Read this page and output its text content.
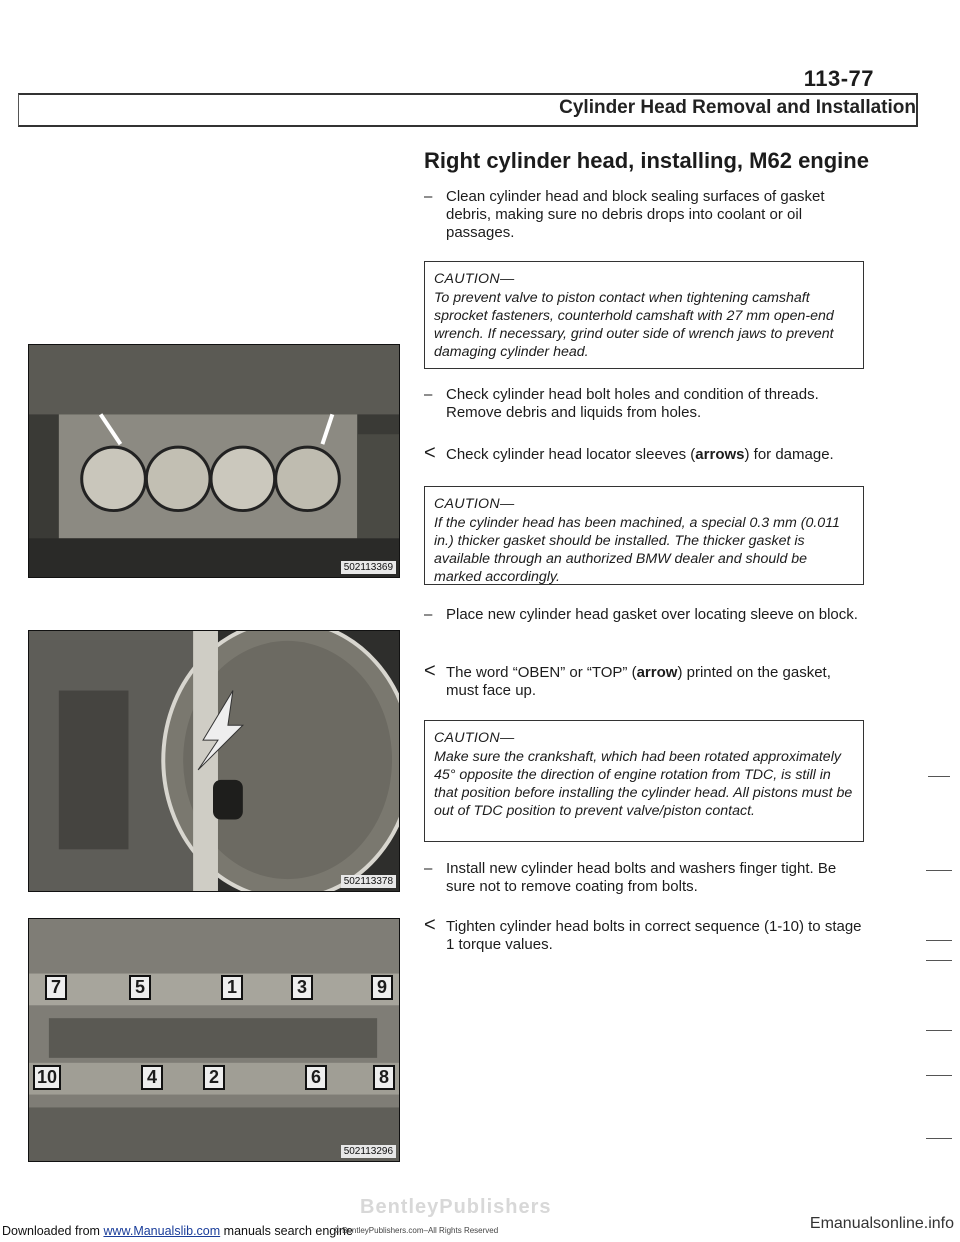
113-77
Cylinder Head Removal and Installation
Right cylinder head, installing, M62 engine
– Clean cylinder head and block sealing surfaces of gasket debris, making sure no debris drops into coolant or oil passages.
CAUTION—
To prevent valve to piston contact when tightening camshaft sprocket fasteners, counterhold camshaft with 27 mm open-end wrench. If necessary, grind outer side of wrench jaws to prevent damaging cylinder head.
– Check cylinder head bolt holes and condition of threads. Remove debris and liquids from holes.
< Check cylinder head locator sleeves (arrows) for damage.
CAUTION—
If the cylinder head has been machined, a special 0.3 mm (0.011 in.) thicker gasket should be installed. The thicker gasket is available through an authorized BMW dealer and should be marked accordingly.
– Place new cylinder head gasket over locating sleeve on block.
< The word “OBEN” or “TOP” (arrow) printed on the gasket, must face up.
CAUTION—
Make sure the crankshaft, which had been rotated approximately 45° opposite the direction of engine rotation from TDC, is still in that position before installing the cylinder head. All pistons must be out of TDC position to prevent valve/piston contact.
– Install new cylinder head bolts and washers finger tight. Be sure not to remove coating from bolts.
< Tighten cylinder head bolts in correct sequence (1-10) to stage 1 torque values.
502113369
502113378
7	5	1	3	9
10	4	2	6	8
502113296
BentleyPublishers
Downloaded from www.Manualslib.com manuals search engine
© BentleyPublishers.com–All Rights Reserved	Emanualsonline.info
